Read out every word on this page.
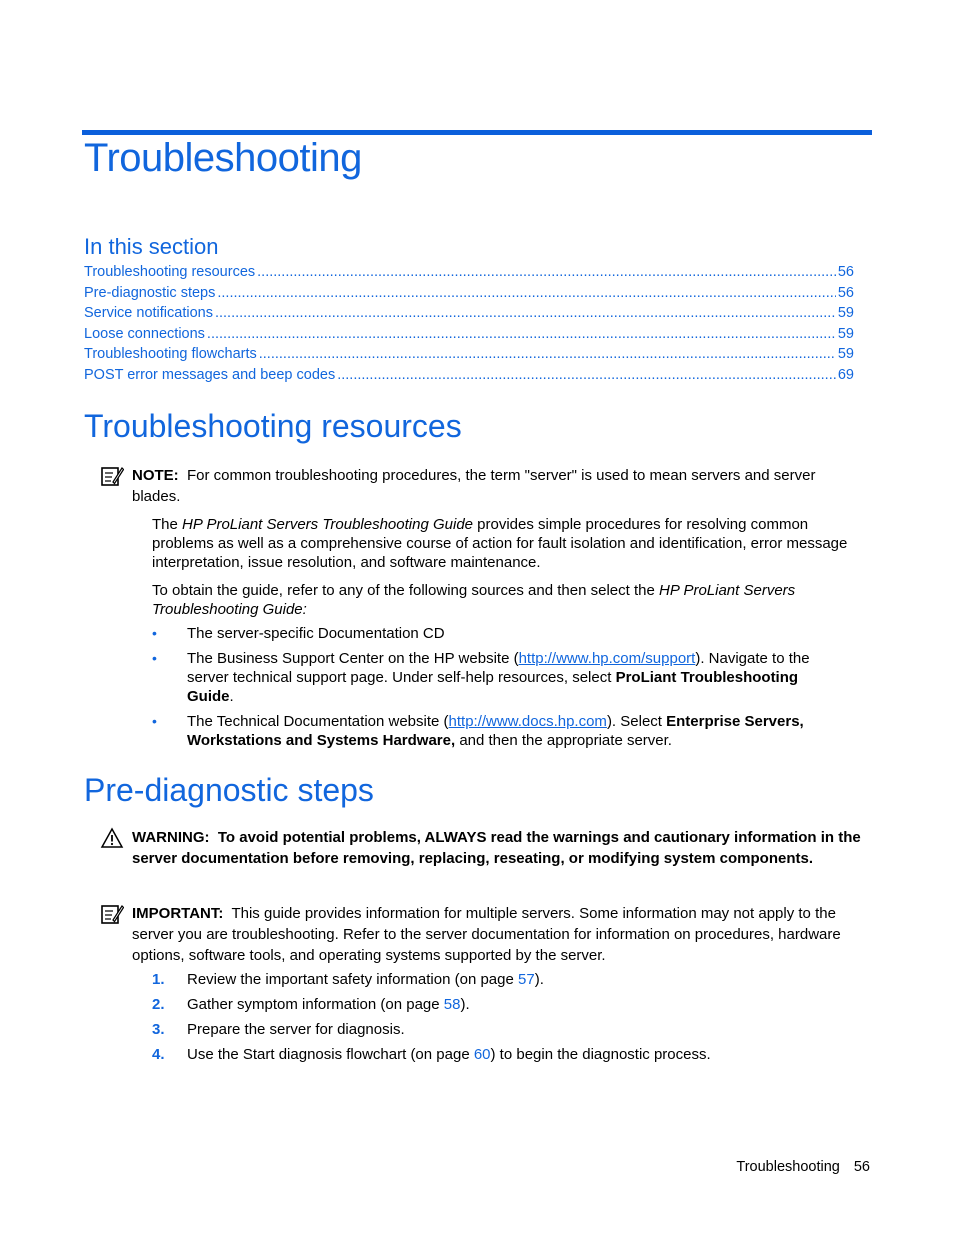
Troubleshooting
In this section
Troubleshooting resources .....	56
Pre-diagnostic steps .....	56
Service notifications .....	59
Loose connections .....	59
Troubleshooting flowcharts .....	59
POST error messages and beep codes .....	69
Troubleshooting resources
NOTE: For common troubleshooting procedures, the term "server" is used to mean servers and server blades.
The HP ProLiant Servers Troubleshooting Guide provides simple procedures for resolving common problems as well as a comprehensive course of action for fault isolation and identification, error message interpretation, issue resolution, and software maintenance.
To obtain the guide, refer to any of the following sources and then select the HP ProLiant Servers Troubleshooting Guide:
• The server-specific Documentation CD
• The Business Support Center on the HP website (http://www.hp.com/support). Navigate to the server technical support page. Under self-help resources, select ProLiant Troubleshooting Guide.
• The Technical Documentation website (http://www.docs.hp.com). Select Enterprise Servers, Workstations and Systems Hardware, and then the appropriate server.
Pre-diagnostic steps
WARNING: To avoid potential problems, ALWAYS read the warnings and cautionary information in the server documentation before removing, replacing, reseating, or modifying system components.
IMPORTANT: This guide provides information for multiple servers. Some information may not apply to the server you are troubleshooting. Refer to the server documentation for information on procedures, hardware options, software tools, and operating systems supported by the server.
1. Review the important safety information (on page 57).
2. Gather symptom information (on page 58).
3. Prepare the server for diagnosis.
4. Use the Start diagnosis flowchart (on page 60) to begin the diagnostic process.
Troubleshooting 56
